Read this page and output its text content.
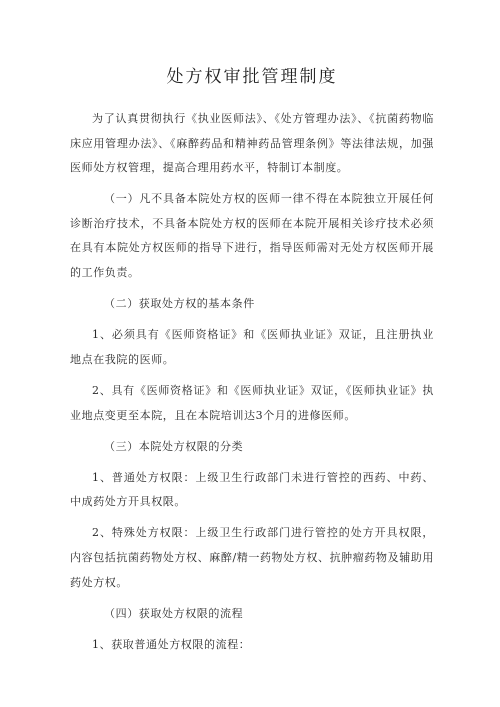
处方权审批管理制度

为了认真贯彻执行《执业医师法》、《处方管理办法》、《抗菌药物临床应用管理办法》、《麻醉药品和精神药品管理条例》等法律法规，加强医师处方权管理，提高合理用药水平，特制订本制度。

（一）凡不具备本院处方权的医师一律不得在本院独立开展任何诊断治疗技术，不具备本院处方权的医师在本院开展相关诊疗技术必须在具有本院处方权医师的指导下进行，指导医师需对无处方权医师开展的工作负责。

（二）获取处方权的基本条件

1、必须具有《医师资格证》和《医师执业证》双证，且注册执业地点在我院的医师。

2、具有《医师资格证》和《医师执业证》双证，《医师执业证》执业地点变更至本院，且在本院培训达3个月的进修医师。

（三）本院处方权限的分类

1、普通处方权限：上级卫生行政部门未进行管控的西药、中药、中成药处方开具权限。

2、特殊处方权限：上级卫生行政部门进行管控的处方开具权限，内容包括抗菌药物处方权、麻醉/精一药物处方权、抗肿瘤药物及辅助用药处方权。

（四）获取处方权限的流程

1、获取普通处方权限的流程：
